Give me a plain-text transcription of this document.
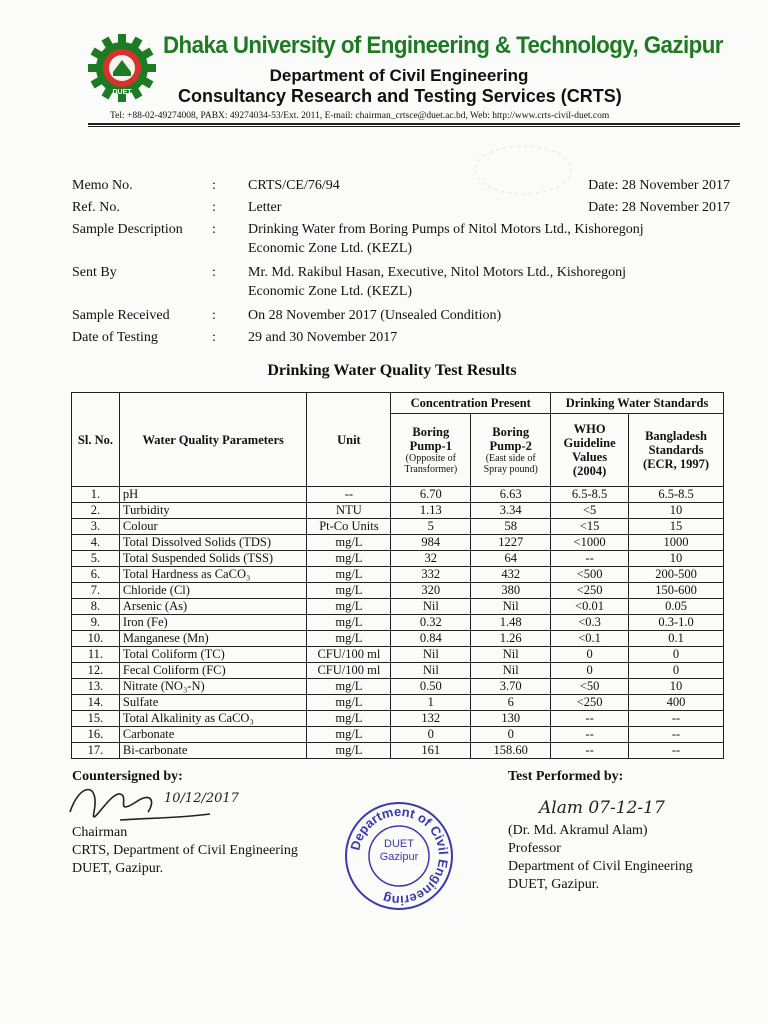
DUET
Dhaka University of Engineering & Technology, Gazipur
Department of Civil Engineering
Consultancy Research and Testing Services (CRTS)
Tel: +88-02-49274008, PABX: 49274034-53/Ext. 2011, E-mail: chairman_crtsce@duet.ac.bd, Web: http://www.crts-civil-duet.com
Memo No.	:	CRTS/CE/76/94	Date: 28 November 2017
Ref. No.	:	Letter	Date: 28 November 2017
Sample Description	:	Drinking Water from Boring Pumps of Nitol Motors Ltd., Kishoregonj
Economic Zone Ltd. (KEZL)
Sent By	:	Mr. Md. Rakibul Hasan, Executive, Nitol Motors Ltd., Kishoregonj
Economic Zone Ltd. (KEZL)
Sample Received	:	On 28 November 2017 (Unsealed Condition)
Date of Testing	:	29 and 30 November 2017
Drinking Water Quality Test Results
Sl. No.	Water Quality Parameters	Unit	Concentration Present		Drinking Water Standards	
			Boring Pump-1
(Opposite of Transformer)	Boring Pump-2
(East side of Spray pound)	WHO Guideline Values (2004)	Bangladesh Standards (ECR, 1997)
1.	pH	--	6.70	6.63	6.5-8.5	6.5-8.5
2.	Turbidity	NTU	1.13	3.34	<5	10
3.	Colour	Pt-Co Units	5	58	<15	15
4.	Total Dissolved Solids (TDS)	mg/L	984	1227	<1000	1000
5.	Total Suspended Solids (TSS)	mg/L	32	64	--	10
6.	Total Hardness as CaCO₃	mg/L	332	432	<500	200-500
7.	Chloride (Cl)	mg/L	320	380	<250	150-600
8.	Arsenic (As)	mg/L	Nil	Nil	<0.01	0.05
9.	Iron (Fe)	mg/L	0.32	1.48	<0.3	0.3-1.0
10.	Manganese (Mn)	mg/L	0.84	1.26	<0.1	0.1
11.	Total Coliform (TC)	CFU/100 ml	Nil	Nil	0	0
12.	Fecal Coliform (FC)	CFU/100 ml	Nil	Nil	0	0
13.	Nitrate (NO₃-N)	mg/L	0.50	3.70	<50	10
14.	Sulfate	mg/L	1	6	<250	400
15.	Total Alkalinity as CaCO₃	mg/L	132	130	--	--
16.	Carbonate	mg/L	0	0	--	--
17.	Bi-carbonate	mg/L	161	158.60	--	--
Countersigned by:
Chairman
CRTS, Department of Civil Engineering
DUET, Gazipur.
10/12/2017
Test Performed by:
(Dr. Md. Akramul Alam)
Professor
Department of Civil Engineering
DUET, Gazipur.
Alam 07-12-17
Department of Civil Engineering
DUET
Gazipur
